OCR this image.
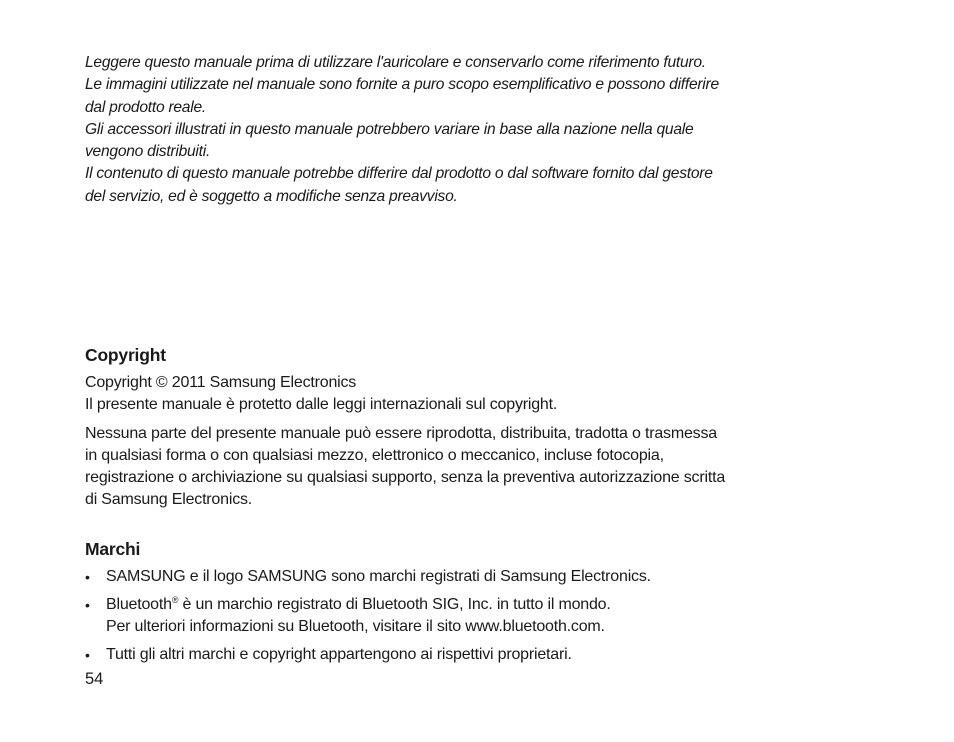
Leggere questo manuale prima di utilizzare l'auricolare e conservarlo come riferimento futuro.

Le immagini utilizzate nel manuale sono fornite a puro scopo esemplificativo e possono differire

dal prodotto reale.

Gli accessori illustrati in questo manuale potrebbero variare in base alla nazione nella quale

vengono distribuiti.

Il contenuto di questo manuale potrebbe differire dal prodotto o dal software fornito dal gestore

del servizio, ed è soggetto a modifiche senza preavviso.

Copyright

Copyright © 2011 Samsung Electronics

Il presente manuale è protetto dalle leggi internazionali sul copyright.

Nessuna parte del presente manuale può essere riprodotta, distribuita, tradotta o trasmessa

in qualsiasi forma o con qualsiasi mezzo, elettronico o meccanico, incluse fotocopia,

registrazione o archiviazione su qualsiasi supporto, senza la preventiva autorizzazione scritta

di Samsung Electronics.

Marchi
• SAMSUNG e il logo SAMSUNG sono marchi registrati di Samsung Electronics.
• Bluetooth® è un marchio registrato di Bluetooth SIG, Inc. in tutto il mondo.
Per ulteriori informazioni su Bluetooth, visitare il sito www.bluetooth.com.
• Tutti gli altri marchi e copyright appartengono ai rispettivi proprietari.
54
